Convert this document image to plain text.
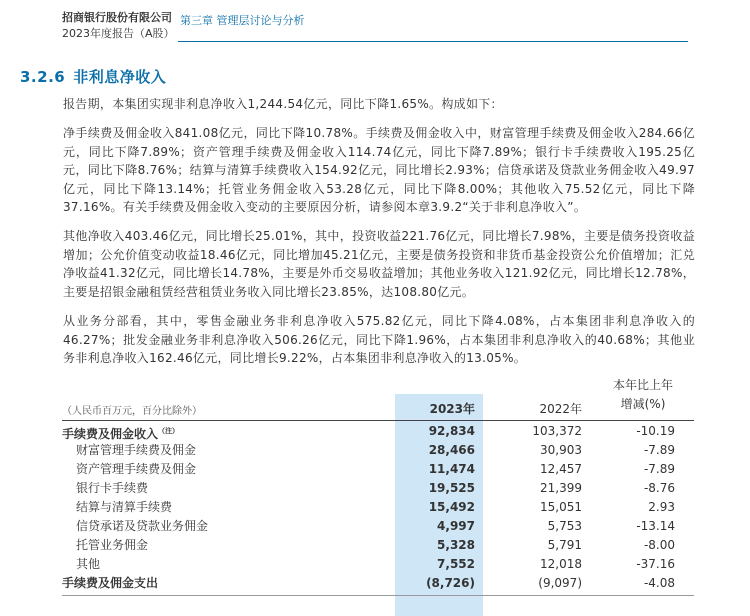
招商银行股份有限公司
2023年度报告（A股）
第三章 管理层讨论与分析
3.2.6 非利息净收入
报告期，本集团实现非利息净收入1,244.54亿元，同比下降1.65%。构成如下：
净手续费及佣金收入841.08亿元，同比下降10.78%。手续费及佣金收入中，财富管理手续费及佣金收入284.66亿元，同比下降7.89%；资产管理手续费及佣金收入114.74亿元，同比下降7.89%；银行卡手续费收入195.25亿元，同比下降8.76%；结算与清算手续费收入154.92亿元，同比增长2.93%；信贷承诺及贷款业务佣金收入49.97亿元，同比下降13.14%；托管业务佣金收入53.28亿元，同比下降8.00%；其他收入75.52亿元，同比下降37.16%。有关手续费及佣金收入变动的主要原因分析，请参阅本章3.9.2“关于非利息净收入”。
其他净收入403.46亿元，同比增长25.01%，其中，投资收益221.76亿元，同比增长7.98%，主要是债务投资收益增加；公允价值变动收益18.46亿元，同比增加45.21亿元，主要是债务投资和非货币基金投资公允价值增加；汇兑净收益41.32亿元，同比增长14.78%，主要是外币交易收益增加；其他业务收入121.92亿元，同比增长12.78%，主要是招银金融租赁经营租赁业务收入同比增长23.85%，达108.80亿元。
从业务分部看，其中，零售金融业务非利息净收入575.82亿元，同比下降4.08%，占本集团非利息净收入的46.27%；批发金融业务非利息净收入506.26亿元，同比下降1.96%，占本集团非利息净收入的40.68%；其他业务非利息净收入162.46亿元，同比增长9.22%，占本集团非利息净收入的13.05%。
（人民币百万元，百分比除外）	2023年	2022年
本年比上年
增减(%)
手续费及佣金收入$^{(注)}$	92,834	103,372	-10.19
财富管理手续费及佣金	28,466	30,903	-7.89
资产管理手续费及佣金	11,474	12,457	-7.89
银行卡手续费	19,525	21,399	-8.76
结算与清算手续费	15,492	15,051	2.93
信贷承诺及贷款业务佣金	4,997	5,753	-13.14
托管业务佣金	5,328	5,791	-8.00
其他	7,552	12,018	-37.16
手续费及佣金支出	(8,726)	(9,097)	-4.08
